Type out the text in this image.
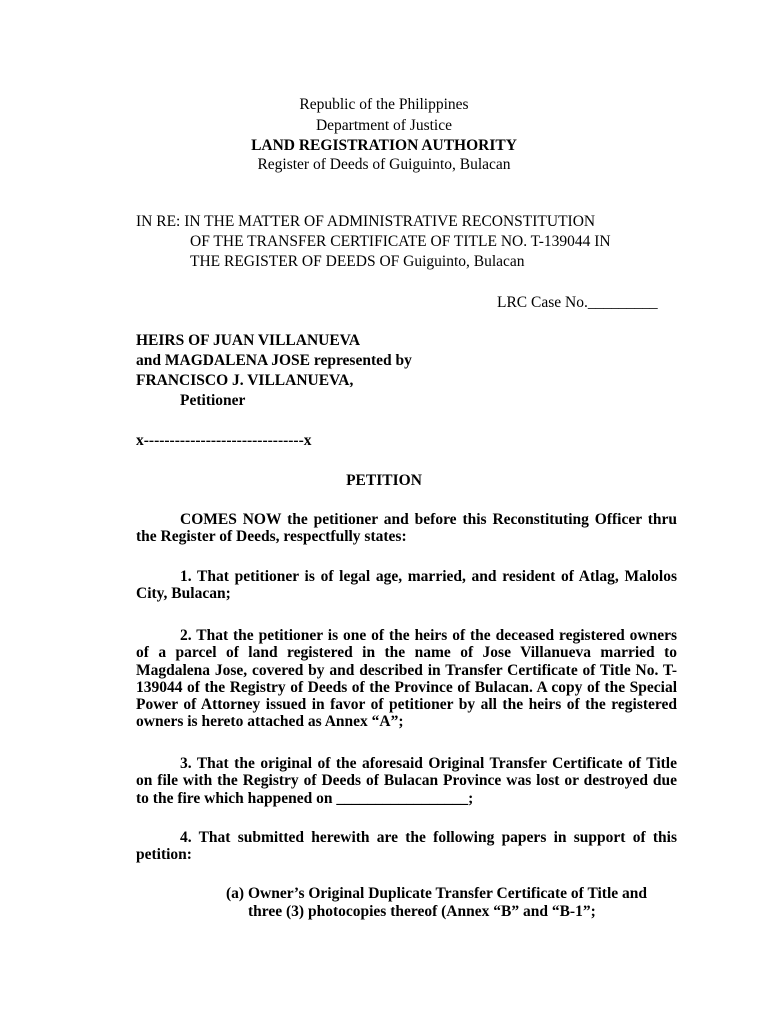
Republic of the Philippines
Department of Justice
LAND REGISTRATION AUTHORITY
Register of Deeds of Guiguinto, Bulacan
IN RE: IN THE MATTER OF ADMINISTRATIVE RECONSTITUTION
OF THE TRANSFER CERTIFICATE OF TITLE NO. T-139044 IN
THE REGISTER OF DEEDS OF Guiguinto, Bulacan
LRC Case No._________
HEIRS OF JUAN VILLANUEVA
and MAGDALENA JOSE represented by
FRANCISCO J. VILLANUEVA,
Petitioner
x-------------------------------x
PETITION
COMES NOW the petitioner and before this Reconstituting Officer thru the Register of Deeds, respectfully states:
1. That petitioner is of legal age, married, and resident of Atlag, Malolos City, Bulacan;
2. That the petitioner is one of the heirs of the deceased registered owners of a parcel of land registered in the name of Jose Villanueva married to Magdalena Jose, covered by and described in Transfer Certificate of Title No. T-139044 of the Registry of Deeds of the Province of Bulacan. A copy of the Special Power of Attorney issued in favor of petitioner by all the heirs of the registered owners is hereto attached as Annex “A”;
3. That the original of the aforesaid Original Transfer Certificate of Title on file with the Registry of Deeds of Bulacan Province was lost or destroyed due to the fire which happened on _________________;
4. That submitted herewith are the following papers in support of this petition:
(a) Owner’s Original Duplicate Transfer Certificate of Title and
three (3) photocopies thereof (Annex “B” and “B-1”;
